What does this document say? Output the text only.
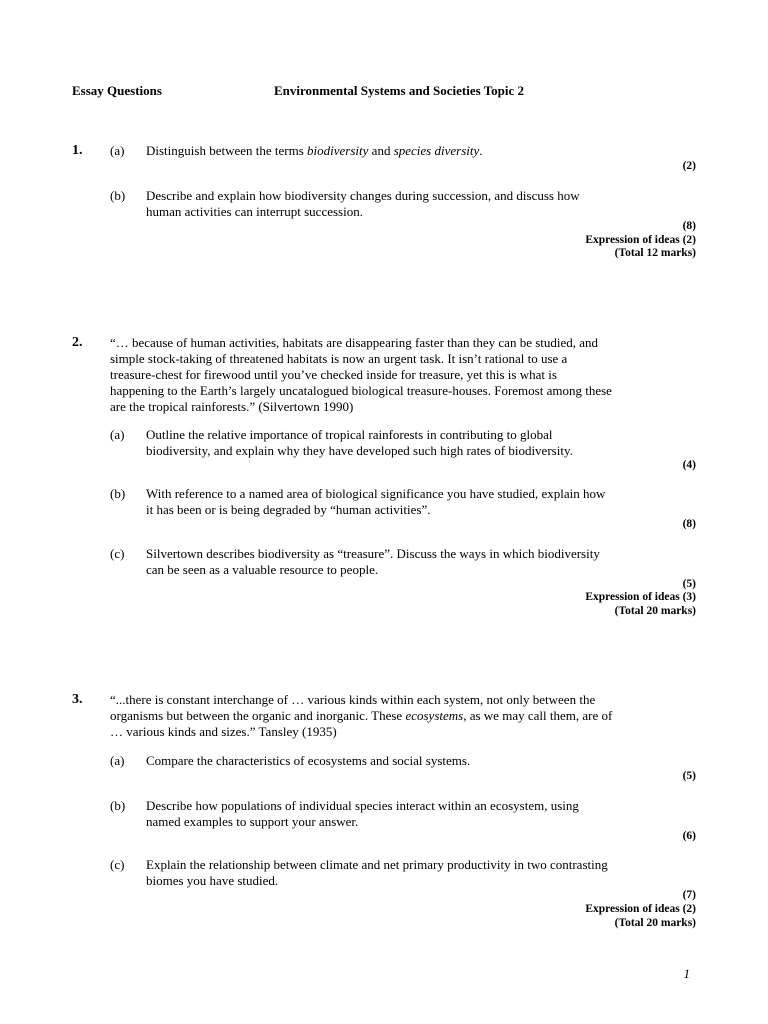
Essay Questions	Environmental Systems and Societies Topic 2
1. (a) Distinguish between the terms biodiversity and species diversity.
(2)
(b) Describe and explain how biodiversity changes during succession, and discuss how
human activities can interrupt succession.
(8)
Expression of ideas (2)
(Total 12 marks)
2. “… because of human activities, habitats are disappearing faster than they can be studied, and
simple stock-taking of threatened habitats is now an urgent task. It isn’t rational to use a
treasure-chest for firewood until you’ve checked inside for treasure, yet this is what is
happening to the Earth’s largely uncatalogued biological treasure-houses. Foremost among these
are the tropical rainforests.” (Silvertown 1990)
(a) Outline the relative importance of tropical rainforests in contributing to global
biodiversity, and explain why they have developed such high rates of biodiversity.
(4)
(b) With reference to a named area of biological significance you have studied, explain how
it has been or is being degraded by “human activities”.
(8)
(c) Silvertown describes biodiversity as “treasure”. Discuss the ways in which biodiversity
can be seen as a valuable resource to people.
(5)
Expression of ideas (3)
(Total 20 marks)
3. “...there is constant interchange of … various kinds within each system, not only between the
organisms but between the organic and inorganic. These ecosystems, as we may call them, are of
… various kinds and sizes.” Tansley (1935)
(a) Compare the characteristics of ecosystems and social systems.
(5)
(b) Describe how populations of individual species interact within an ecosystem, using
named examples to support your answer.
(6)
(c) Explain the relationship between climate and net primary productivity in two contrasting
biomes you have studied.
(7)
Expression of ideas (2)
(Total 20 marks)
1
